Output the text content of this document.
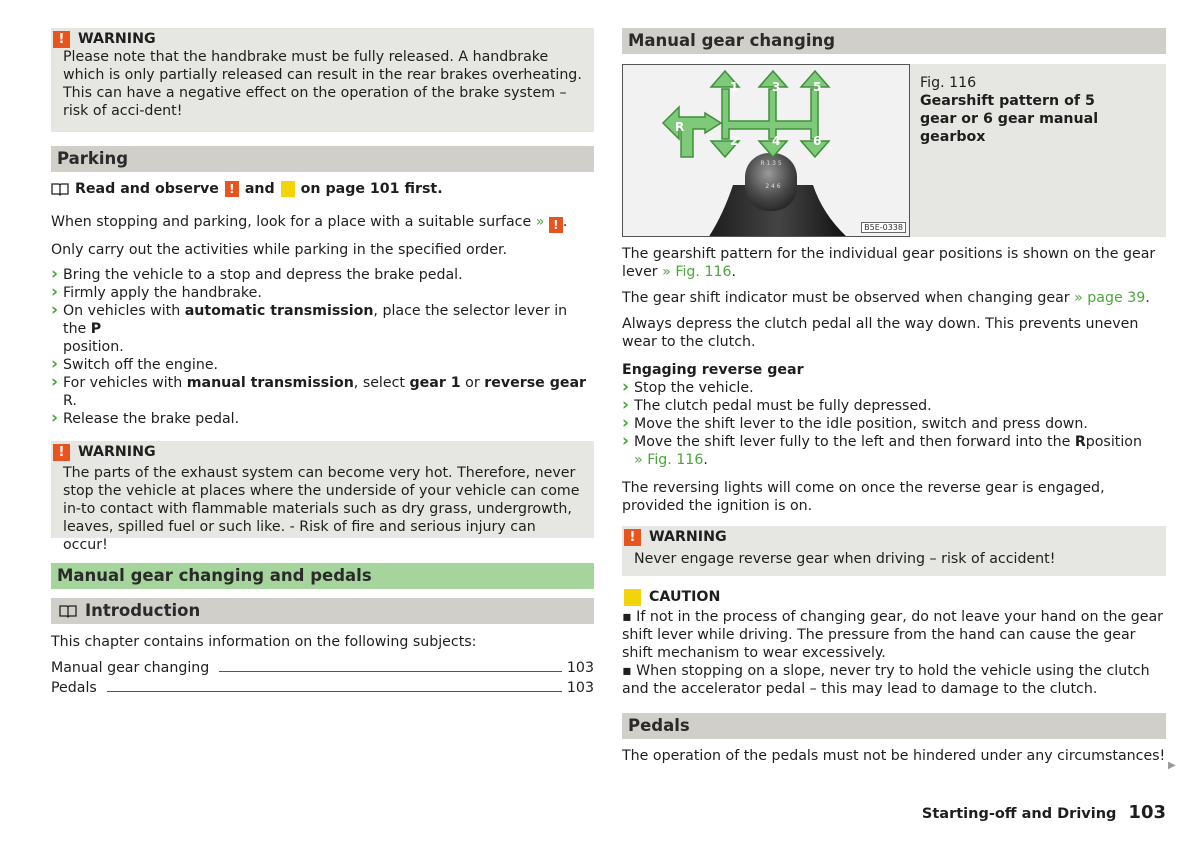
! WARNING
Please note that the handbrake must be fully released. A handbrake which is only partially released can result in the rear brakes overheating. This can have a negative effect on the operation of the brake system – risk of acci-dent!
Parking
Read and observe ! and ! on page 101 first.

When stopping and parking, look for a place with a suitable surface » ! .

Only carry out the activities while parking in the specified order.

› Bring the vehicle to a stop and depress the brake pedal.
› Firmly apply the handbrake.
› On vehicles with automatic transmission, place the selector lever in the P
position.
› Switch off the engine.
› For vehicles with manual transmission, select gear 1 or reverse gear R.
› Release the brake pedal.
! WARNING
The parts of the exhaust system can become very hot. Therefore, never stop the vehicle at places where the underside of your vehicle can come in-to contact with flammable materials such as dry grass, undergrowth, leaves, spilled fuel or such like. - Risk of fire and serious injury can occur!
Manual gear changing and pedals
Introduction

This chapter contains information on the following subjects:

Manual gear changing	103
Pedals	103
Manual gear changing
R 1 3 5
2 4 6
1	3	5
R
2	4	6
B5E-0338
Fig. 116
Gearshift pattern of 5 gear or 6 gear manual gearbox

The gearshift pattern for the individual gear positions is shown on the gear lever » Fig. 116.

The gear shift indicator must be observed when changing gear » page 39.

Always depress the clutch pedal all the way down. This prevents uneven wear to the clutch.

Engaging reverse gear
› Stop the vehicle.
› The clutch pedal must be fully depressed.
› Move the shift lever to the idle position, switch and press down.
› Move the shift lever fully to the left and then forward into the Rposition
» Fig. 116.

The reversing lights will come on once the reverse gear is engaged, provided the ignition is on.

! WARNING
Never engage reverse gear when driving – risk of accident!
! CAUTION
▪ If not in the process of changing gear, do not leave your hand on the gear shift lever while driving. The pressure from the hand can cause the gear shift mechanism to wear excessively.
▪ When stopping on a slope, never try to hold the vehicle using the clutch and the accelerator pedal – this may lead to damage to the clutch.
Pedals

The operation of the pedals must not be hindered under any circumstances!

▶
Starting-off and Driving 103
